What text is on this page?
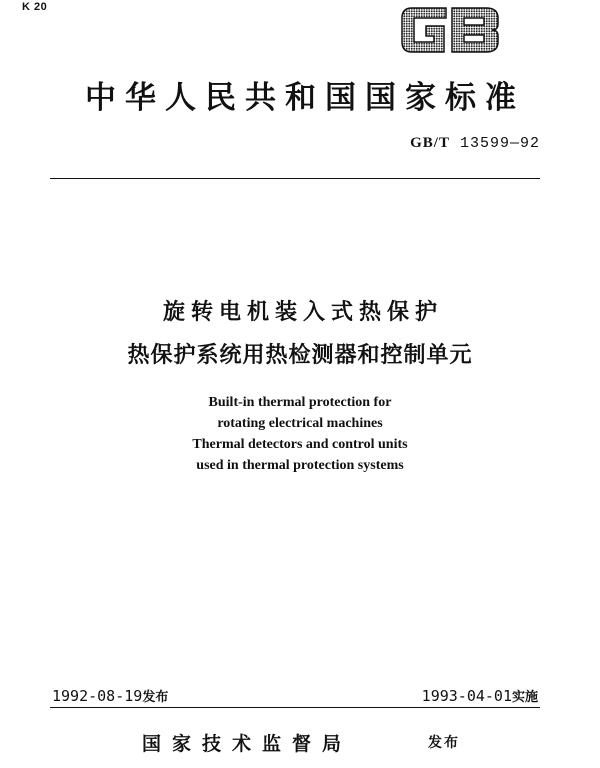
K 20
中华人民共和国国家标准
GB/T 13599—92
旋转电机装入式热保护
热保护系统用热检测器和控制单元
Built-in thermal protection for
rotating electrical machines
Thermal detectors and control units
used in thermal protection systems
1992-08-19发布	1993-04-01实施
国家技术监督局	发布
